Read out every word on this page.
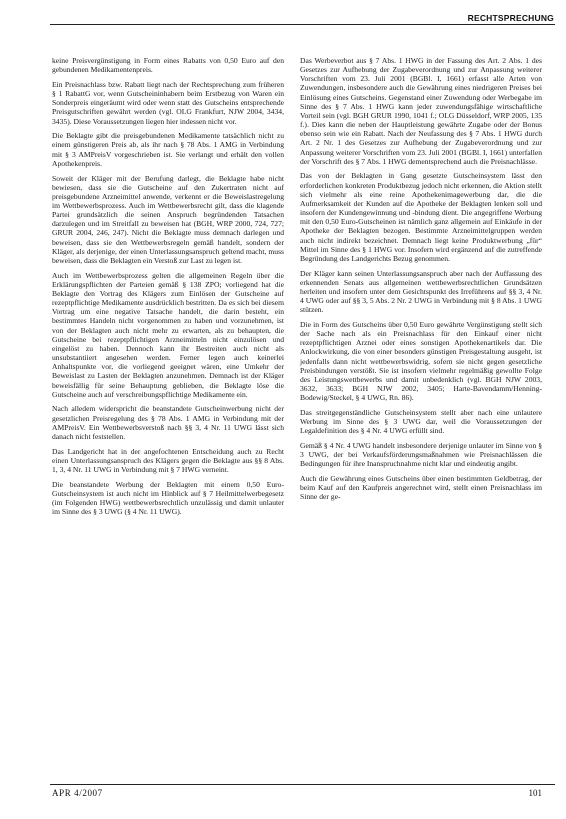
RECHTSPRECHUNG

keine Preisvergünstigung in Form eines Rabatts von 0,50 Euro auf den gebundenen Medikamentenpreis.

Ein Preisnachlass bzw. Rabatt liegt nach der Rechtsprechung zum früheren § 1 RabattG vor, wenn Gutscheininhabern beim Erstbezug von Waren ein Sonderpreis eingeräumt wird oder wenn statt des Gutscheins entsprechende Preisgutschriften gewährt werden (vgl. OLG Frankfurt, NJW 2004, 3434, 3435). Diese Voraussetzungen liegen hier indessen nicht vor.

Die Beklagte gibt die preisgebundenen Medikamente tatsächlich nicht zu einem günstigeren Preis ab, als ihr nach § 78 Abs. 1 AMG in Verbindung mit § 3 AMPreisV vorgeschrieben ist. Sie verlangt und erhält den vollen Apothekenpreis.

Soweit der Kläger mit der Berufung darlegt, die Beklagte habe nicht bewiesen, dass sie die Gutscheine auf den Zukertraten nicht auf preisgebundene Arzneimittel anwende, verkennt er die Beweislastregelung im Wettbewerbsprozess. Auch im Wettbewerbsrecht gilt, dass die klagende Partei grundsätzlich die seinen Anspruch begründenden Tatsachen darzulegen und im Streitfall zu beweisen hat (BGH, WRP 2000, 724, 727; GRUR 2004, 246, 247). Nicht die Beklagte muss demnach darlegen und beweisen, dass sie den Wettbewerbsregeln gemäß handelt, sondern der Kläger, als derjenige, der einen Unterlassungsanspruch geltend macht, muss beweisen, dass die Beklagten ein Verstoß zur Last zu legen ist.

Auch im Wettbewerbsprozess gelten die allgemeinen Regeln über die Erklärungspflichten der Parteien gemäß § 138 ZPO; vorliegend hat die Beklagte den Vortrag des Klägers zum Einlösen der Gutscheine auf rezeptpflichtige Medikamente ausdrücklich bestritten. Da es sich bei diesem Vortrag um eine negative Tatsache handelt, die darin besteht, ein bestimmtes Handeln nicht vorgenommen zu haben und vorzunehmen, ist von der Beklagten auch nicht mehr zu erwarten, als zu behaupten, die Gutscheine bei rezeptpflichtigen Arzneimitteln nicht einzulösen und eingelöst zu haben. Dennoch kann ihr Bestreiten auch nicht als unsubstantiiert angesehen werden. Ferner legen auch keinerlei Anhaltspunkte vor, die vorliegend geeignet wären, eine Umkehr der Beweislast zu Lasten der Beklagten anzunehmen. Demnach ist der Kläger beweisfällig für seine Behauptung geblieben, die Beklagte löse die Gutscheine auch auf verschreibungspflichtige Medikamente ein.

Nach alledem widerspricht die beanstandete Gutscheinwerbung nicht der gesetzlichen Preisregelung des § 78 Abs. 1 AMG in Verbindung mit der AMPreisV. Ein Wettbewerbsverstoß nach §§ 3, 4 Nr. 11 UWG lässt sich danach nicht feststellen.

Das Landgericht hat in der angefochtenen Entscheidung auch zu Recht einen Unterlassungsanspruch des Klägers gegen die Beklagte aus §§ 8 Abs. 1, 3, 4 Nr. 11 UWG in Verbindung mit § 7 HWG verneint.

Die beanstandete Werbung der Beklagten mit einem 0,50 Euro-Gutscheinsystem ist auch nicht im Hinblick auf § 7 Heilmittelwerbegesetz (im Folgenden HWG) wettbewerbsrechtlich unzulässig und damit unlauter im Sinne des § 3 UWG (§ 4 Nr. 11 UWG).

Das Werbeverbot aus § 7 Abs. 1 HWG in der Fassung des Art. 2 Abs. 1 des Gesetzes zur Aufhebung der Zugabeverordnung und zur Anpassung weiterer Vorschriften vom 23. Juli 2001 (BGBl. I, 1661) erfasst alle Arten von Zuwendungen, insbesondere auch die Gewährung eines niedrigeren Preises bei Einlösung eines Gutscheins. Gegenstand einer Zuwendung oder Werbegabe im Sinne des § 7 Abs. 1 HWG kann jeder zuwendungsfähige wirtschaftliche Vorteil sein (vgl. BGH GRUR 1990, 1041 f.; OLG Düsseldorf, WRP 2005, 135 f.). Dies kann die neben der Hauptleistung gewährte Zugabe oder der Bonus ebenso sein wie ein Rabatt. Nach der Neufassung des § 7 Abs. 1 HWG durch Art. 2 Nr. 1 des Gesetzes zur Aufhebung der Zugabeverordnung und zur Anpassung weiterer Vorschriften vom 23. Juli 2001 (BGBl. I, 1661) unterfallen der Vorschrift des § 7 Abs. 1 HWG dementsprechend auch die Preisnachlässe.

Das von der Beklagten in Gang gesetzte Gutscheinsystem lässt den erforderlichen konkreten Produktbezug jedoch nicht erkennen, die Aktion stellt sich vielmehr als eine reine Apothekenimagewerbung dar, die die Aufmerksamkeit der Kunden auf die Apotheke der Beklagten lenken soll und insofern der Kundengewinnung und -bindung dient. Die angegriffene Werbung mit den 0,50 Euro-Gutscheinen ist nämlich ganz allgemein auf Einkäufe in der Apotheke der Beklagten bezogen. Bestimmte Arzneimittelgruppen werden auch nicht indirekt bezeichnet. Demnach liegt keine Produktwerbung „für“ Mittel im Sinne des § 1 HWG vor. Insofern wird ergänzend auf die zutreffende Begründung des Landgerichts Bezug genommen.

Der Kläger kann seinen Unterlassungsanspruch aber nach der Auffassung des erkennenden Senats aus allgemeinen wettbewerbsrechtlichen Grundsätzen herleiten und insofern unter dem Gesichtspunkt des Irreführens auf §§ 3, 4 Nr. 4 UWG oder auf §§ 3, 5 Abs. 2 Nr. 2 UWG in Verbindung mit § 8 Abs. 1 UWG stützen.

Die in Form des Gutscheins über 0,50 Euro gewährte Vergünstigung stellt sich der Sache nach als ein Preisnachlass für den Einkauf einer nicht rezeptpflichtigen Arznei oder eines sonstigen Apothekenartikels dar. Die Anlockwirkung, die von einer besonders günstigen Preisgestaltung ausgeht, ist jedenfalls dann nicht wettbewerbswidrig, sofern sie nicht gegen gesetzliche Preisbindungen verstößt. Sie ist insofern vielmehr regelmäßig gewollte Folge des Leistungswettbewerbs und damit unbedenklich (vgl. BGH NJW 2003, 3632, 3633; BGH NJW 2002, 3405; Harte-Bavendamm/Henning-Bodewig/Steckel, § 4 UWG, Rn. 86).

Das streitgegenständliche Gutscheinsystem stellt aber nach eine unlautere Werbung im Sinne des § 3 UWG dar, weil die Voraussetzungen der Legaldefinition des § 4 Nr. 4 UWG erfüllt sind.

Gemäß § 4 Nr. 4 UWG handelt insbesondere derjenige unlauter im Sinne von § 3 UWG, der bei Verkaufsförderungsmaßnahmen wie Preisnachlässen die Bedingungen für ihre Inanspruchnahme nicht klar und eindeutig angibt.

Auch die Gewährung eines Gutscheins über einen bestimmten Geldbetrag, der beim Kauf auf den Kaufpreis angerechnet wird, stellt einen Preisnachlass im Sinne der ge-

APR 4/2007	101
